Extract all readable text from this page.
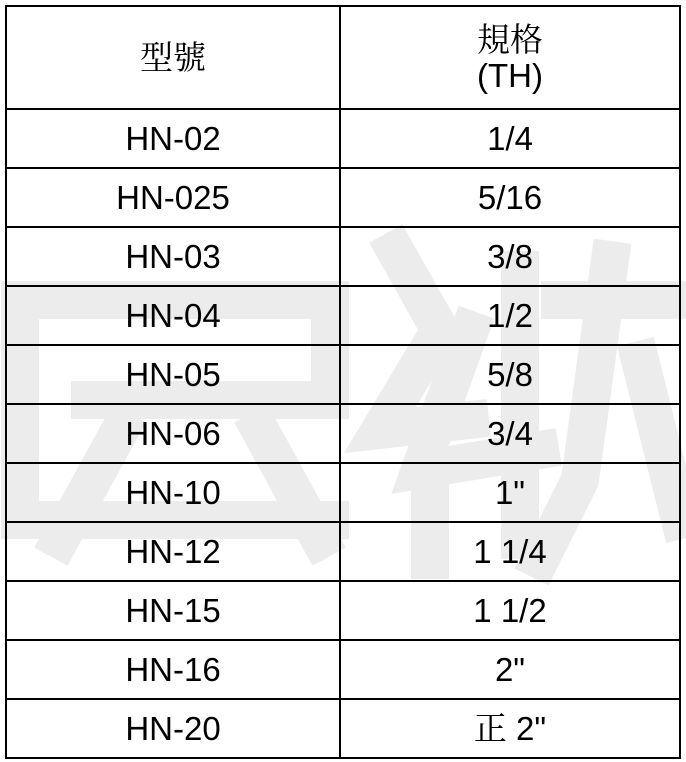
型號	規格
(TH)

HN-02	1/4
HN-025	5/16
HN-03	3/8
HN-04	1/2
HN-05	5/8
HN-06	3/4
HN-10	1"
HN-12	1 1/4
HN-15	1 1/2
HN-16	2"
HN-20	正 2"
